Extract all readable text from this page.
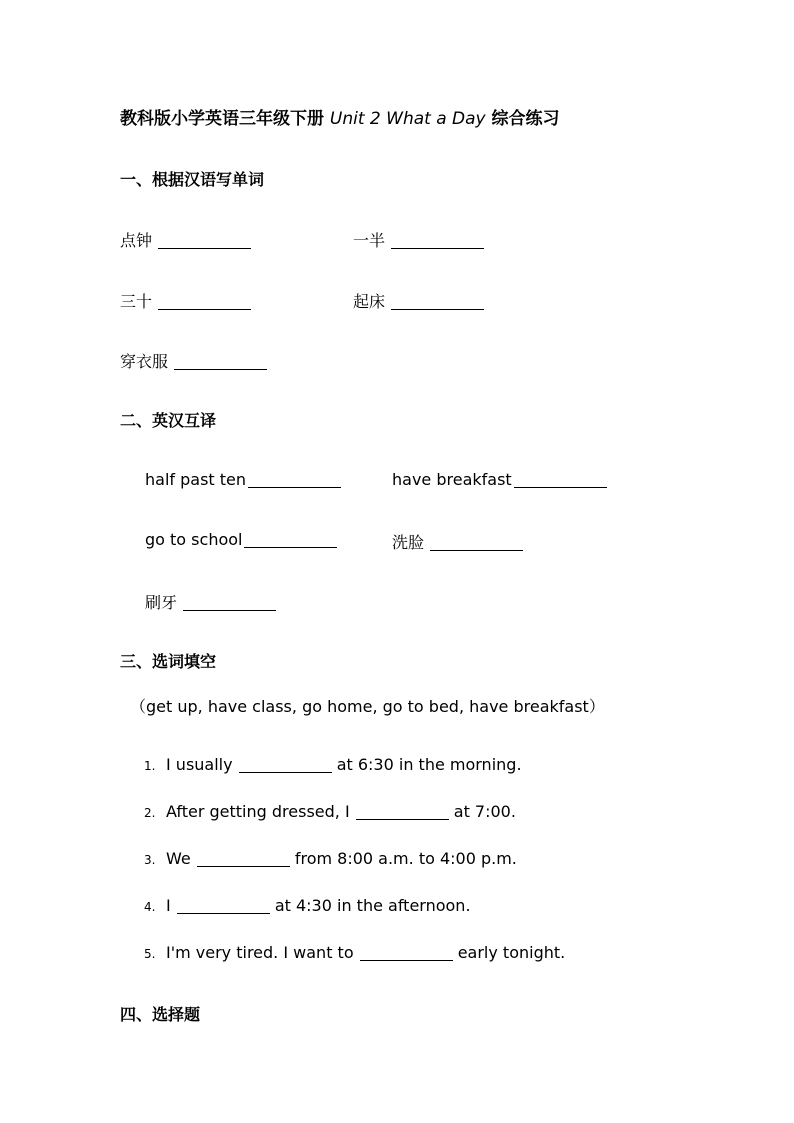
教科版小学英语三年级下册 Unit 2 What a Day 综合练习
一、根据汉语写单词
点钟	一半
三十	起床
穿衣服
二、英汉互译
half past ten	have breakfast
go to school	洗脸
刷牙
三、选词填空
（get up, have class, go home, go to bed, have breakfast）
1. I usually	at 6:30 in the morning.
2. After getting dressed, I	at 7:00.
3. We	from 8:00 a.m. to 4:00 p.m.
4. I	at 4:30 in the afternoon.
5. I'm very tired. I want to	early tonight.
四、选择题
